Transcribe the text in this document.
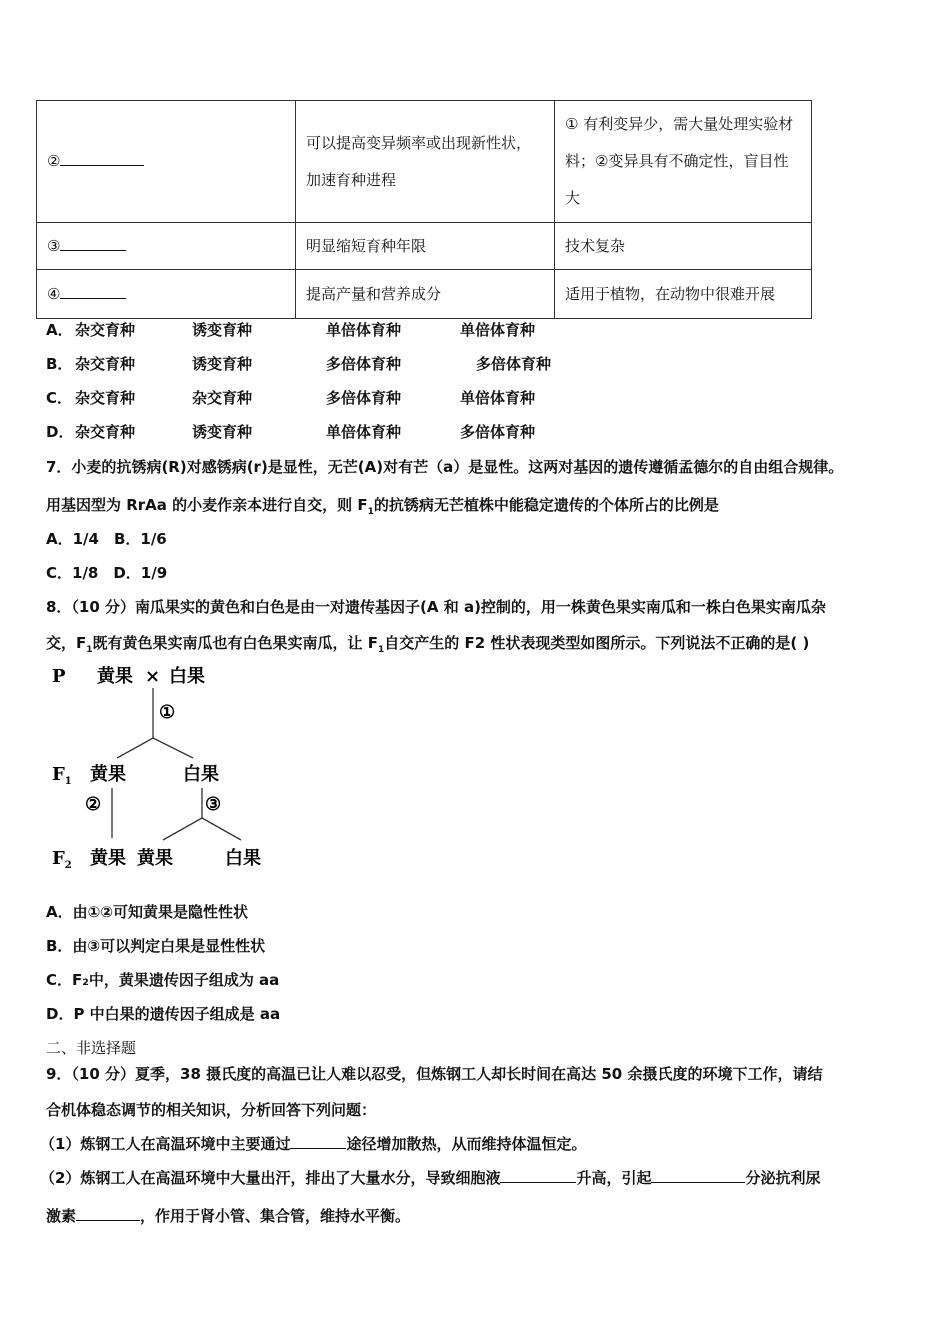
②	可以提高变异频率或出现新性状，加速育种进程	① 有利变异少，需大量处理实验材料；②变异具有不确定性，盲目性大
③	明显缩短育种年限	技术复杂
④	提高产量和营养成分	适用于植物，在动物中很难开展
A． 杂交育种	诱变育种	单倍体育种	单倍体育种
B． 杂交育种	诱变育种	多倍体育种	多倍体育种
C． 杂交育种	杂交育种	多倍体育种	单倍体育种
D． 杂交育种	诱变育种	单倍体育种	多倍体育种
7．小麦的抗锈病(R)对感锈病(r)是显性，无芒(A)对有芒（a）是显性。这两对基因的遗传遵循孟德尔的自由组合规律。
用基因型为 RrAa 的小麦作亲本进行自交，则 $F_1$的抗锈病无芒植株中能稳定遗传的个体所占的比例是
A．1/4　B．1/6
C．1/8　D．1/9
8．（10 分）南瓜果实的黄色和白色是由一对遗传基因子(A 和 a)控制的，用一株黄色果实南瓜和一株白色果实南瓜杂
交，$F_1$既有黄色果实南瓜也有白色果实南瓜，让 $F_1$自交产生的 F2 性状表现类型如图所示。下列说法不正确的是( )
P 黄果 × 白果
①
$F_1$ 黄果	白果
②	③
$F_2$ 黄果 黄果	白果
A．由①②可知黄果是隐性性状
B．由③可以判定白果是显性性状
C．F₂中，黄果遗传因子组成为 aa
D．P 中白果的遗传因子组成是 aa
二、非选择题
9．（10 分）夏季，38 摄氏度的高温已让人难以忍受，但炼钢工人却长时间在高达 50 余摄氏度的环境下工作，请结
合机体稳态调节的相关知识，分析回答下列问题：
（1）炼钢工人在高温环境中主要通过	途径增加散热，从而维持体温恒定。
（2）炼钢工人在高温环境中大量出汗，排出了大量水分，导致细胞液	升高，引起	分泌抗利尿
激素	，作用于肾小管、集合管，维持水平衡。
